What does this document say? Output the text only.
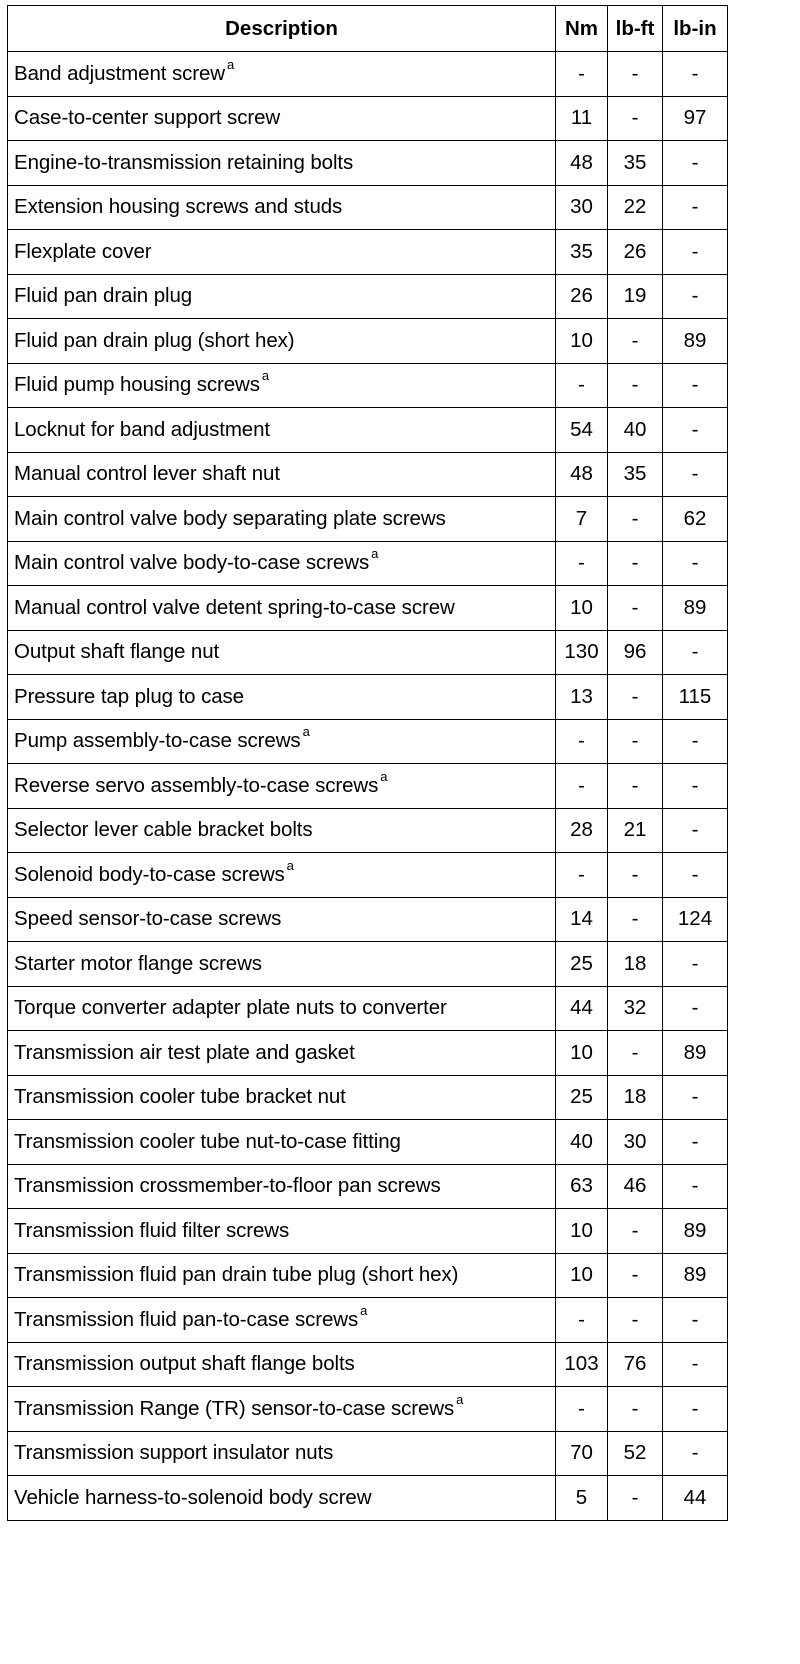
Description	Nm	lb-ft	lb-in
Band adjustment screw $^a$	-	-	-
Case-to-center support screw	11	-	97
Engine-to-transmission retaining bolts	48	35	-
Extension housing screws and studs	30	22	-
Flexplate cover	35	26	-
Fluid pan drain plug	26	19	-
Fluid pan drain plug (short hex)	10	-	89
Fluid pump housing screws $^a$	-	-	-
Locknut for band adjustment	54	40	-
Manual control lever shaft nut	48	35	-
Main control valve body separating plate screws	7	-	62
Main control valve body-to-case screws $^a$	-	-	-
Manual control valve detent spring-to-case screw	10	-	89
Output shaft flange nut	130	96	-
Pressure tap plug to case	13	-	115
Pump assembly-to-case screws $^a$	-	-	-
Reverse servo assembly-to-case screws $^a$	-	-	-
Selector lever cable bracket bolts	28	21	-
Solenoid body-to-case screws $^a$	-	-	-
Speed sensor-to-case screws	14	-	124
Starter motor flange screws	25	18	-
Torque converter adapter plate nuts to converter	44	32	-
Transmission air test plate and gasket	10	-	89
Transmission cooler tube bracket nut	25	18	-
Transmission cooler tube nut-to-case fitting	40	30	-
Transmission crossmember-to-floor pan screws	63	46	-
Transmission fluid filter screws	10	-	89
Transmission fluid pan drain tube plug (short hex)	10	-	89
Transmission fluid pan-to-case screws $^a$	-	-	-
Transmission output shaft flange bolts	103	76	-
Transmission Range (TR) sensor-to-case screws $^a$	-	-	-
Transmission support insulator nuts	70	52	-
Vehicle harness-to-solenoid body screw	5	-	44
